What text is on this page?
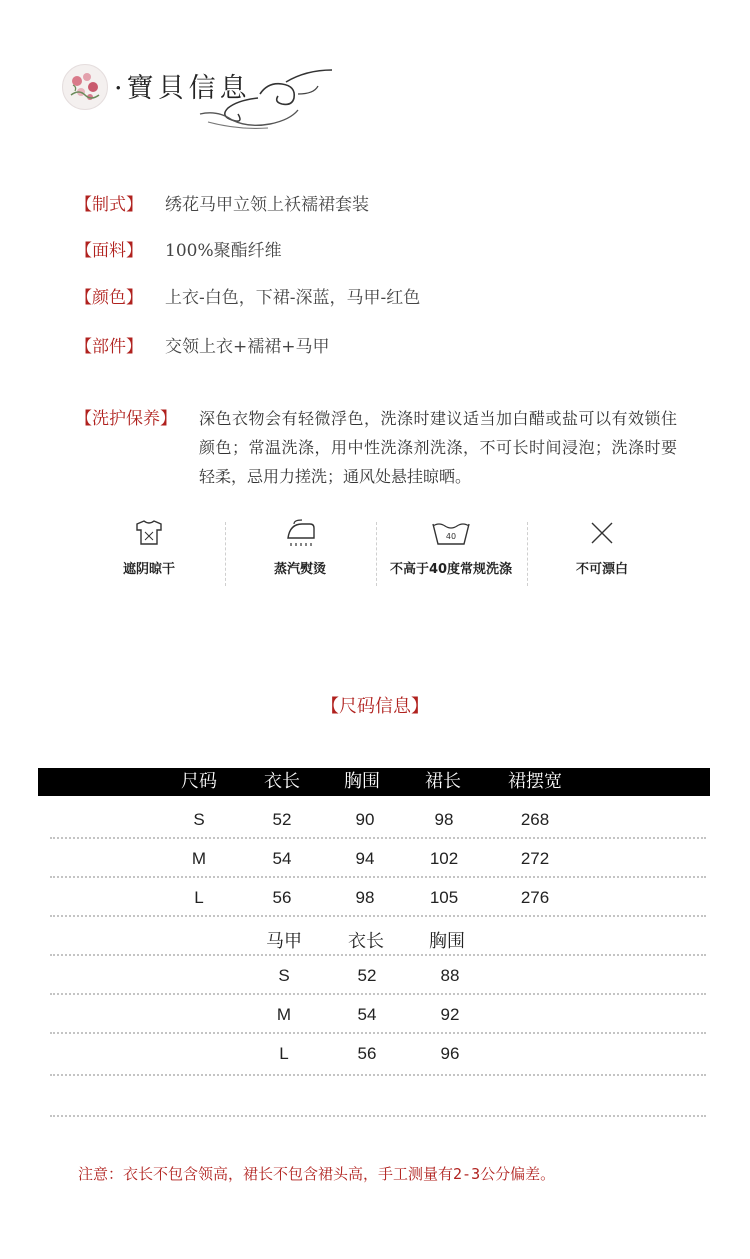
·寶貝信息
【制式】	绣花马甲立领上袄襦裙套装
【面料】	100%聚酯纤维
【颜色】	上衣-白色，下裙-深蓝，马甲-红色
【部件】	交领上衣+襦裙+马甲
【洗护保养】 深色衣物会有轻微浮色，洗涤时建议适当加白醋或盐可以有效锁住颜色；常温洗涤，用中性洗涤剂洗涤，不可长时间浸泡；洗涤时要轻柔，忌用力搓洗；通风处悬挂晾晒。
遮阴晾干	蒸汽熨烫
40
不高于40度常规洗涤	不可漂白
【尺码信息】
尺码	衣长 胸围	裙长	裙摆宽
S	52	90	98	268
M	54	94	102	272
L	56	98	105	276
马甲	衣长	胸围
S	52	88
M	54	92
L	56	96
注意：衣长不包含领高，裙长不包含裙头高，手工测量有2-3公分偏差。
